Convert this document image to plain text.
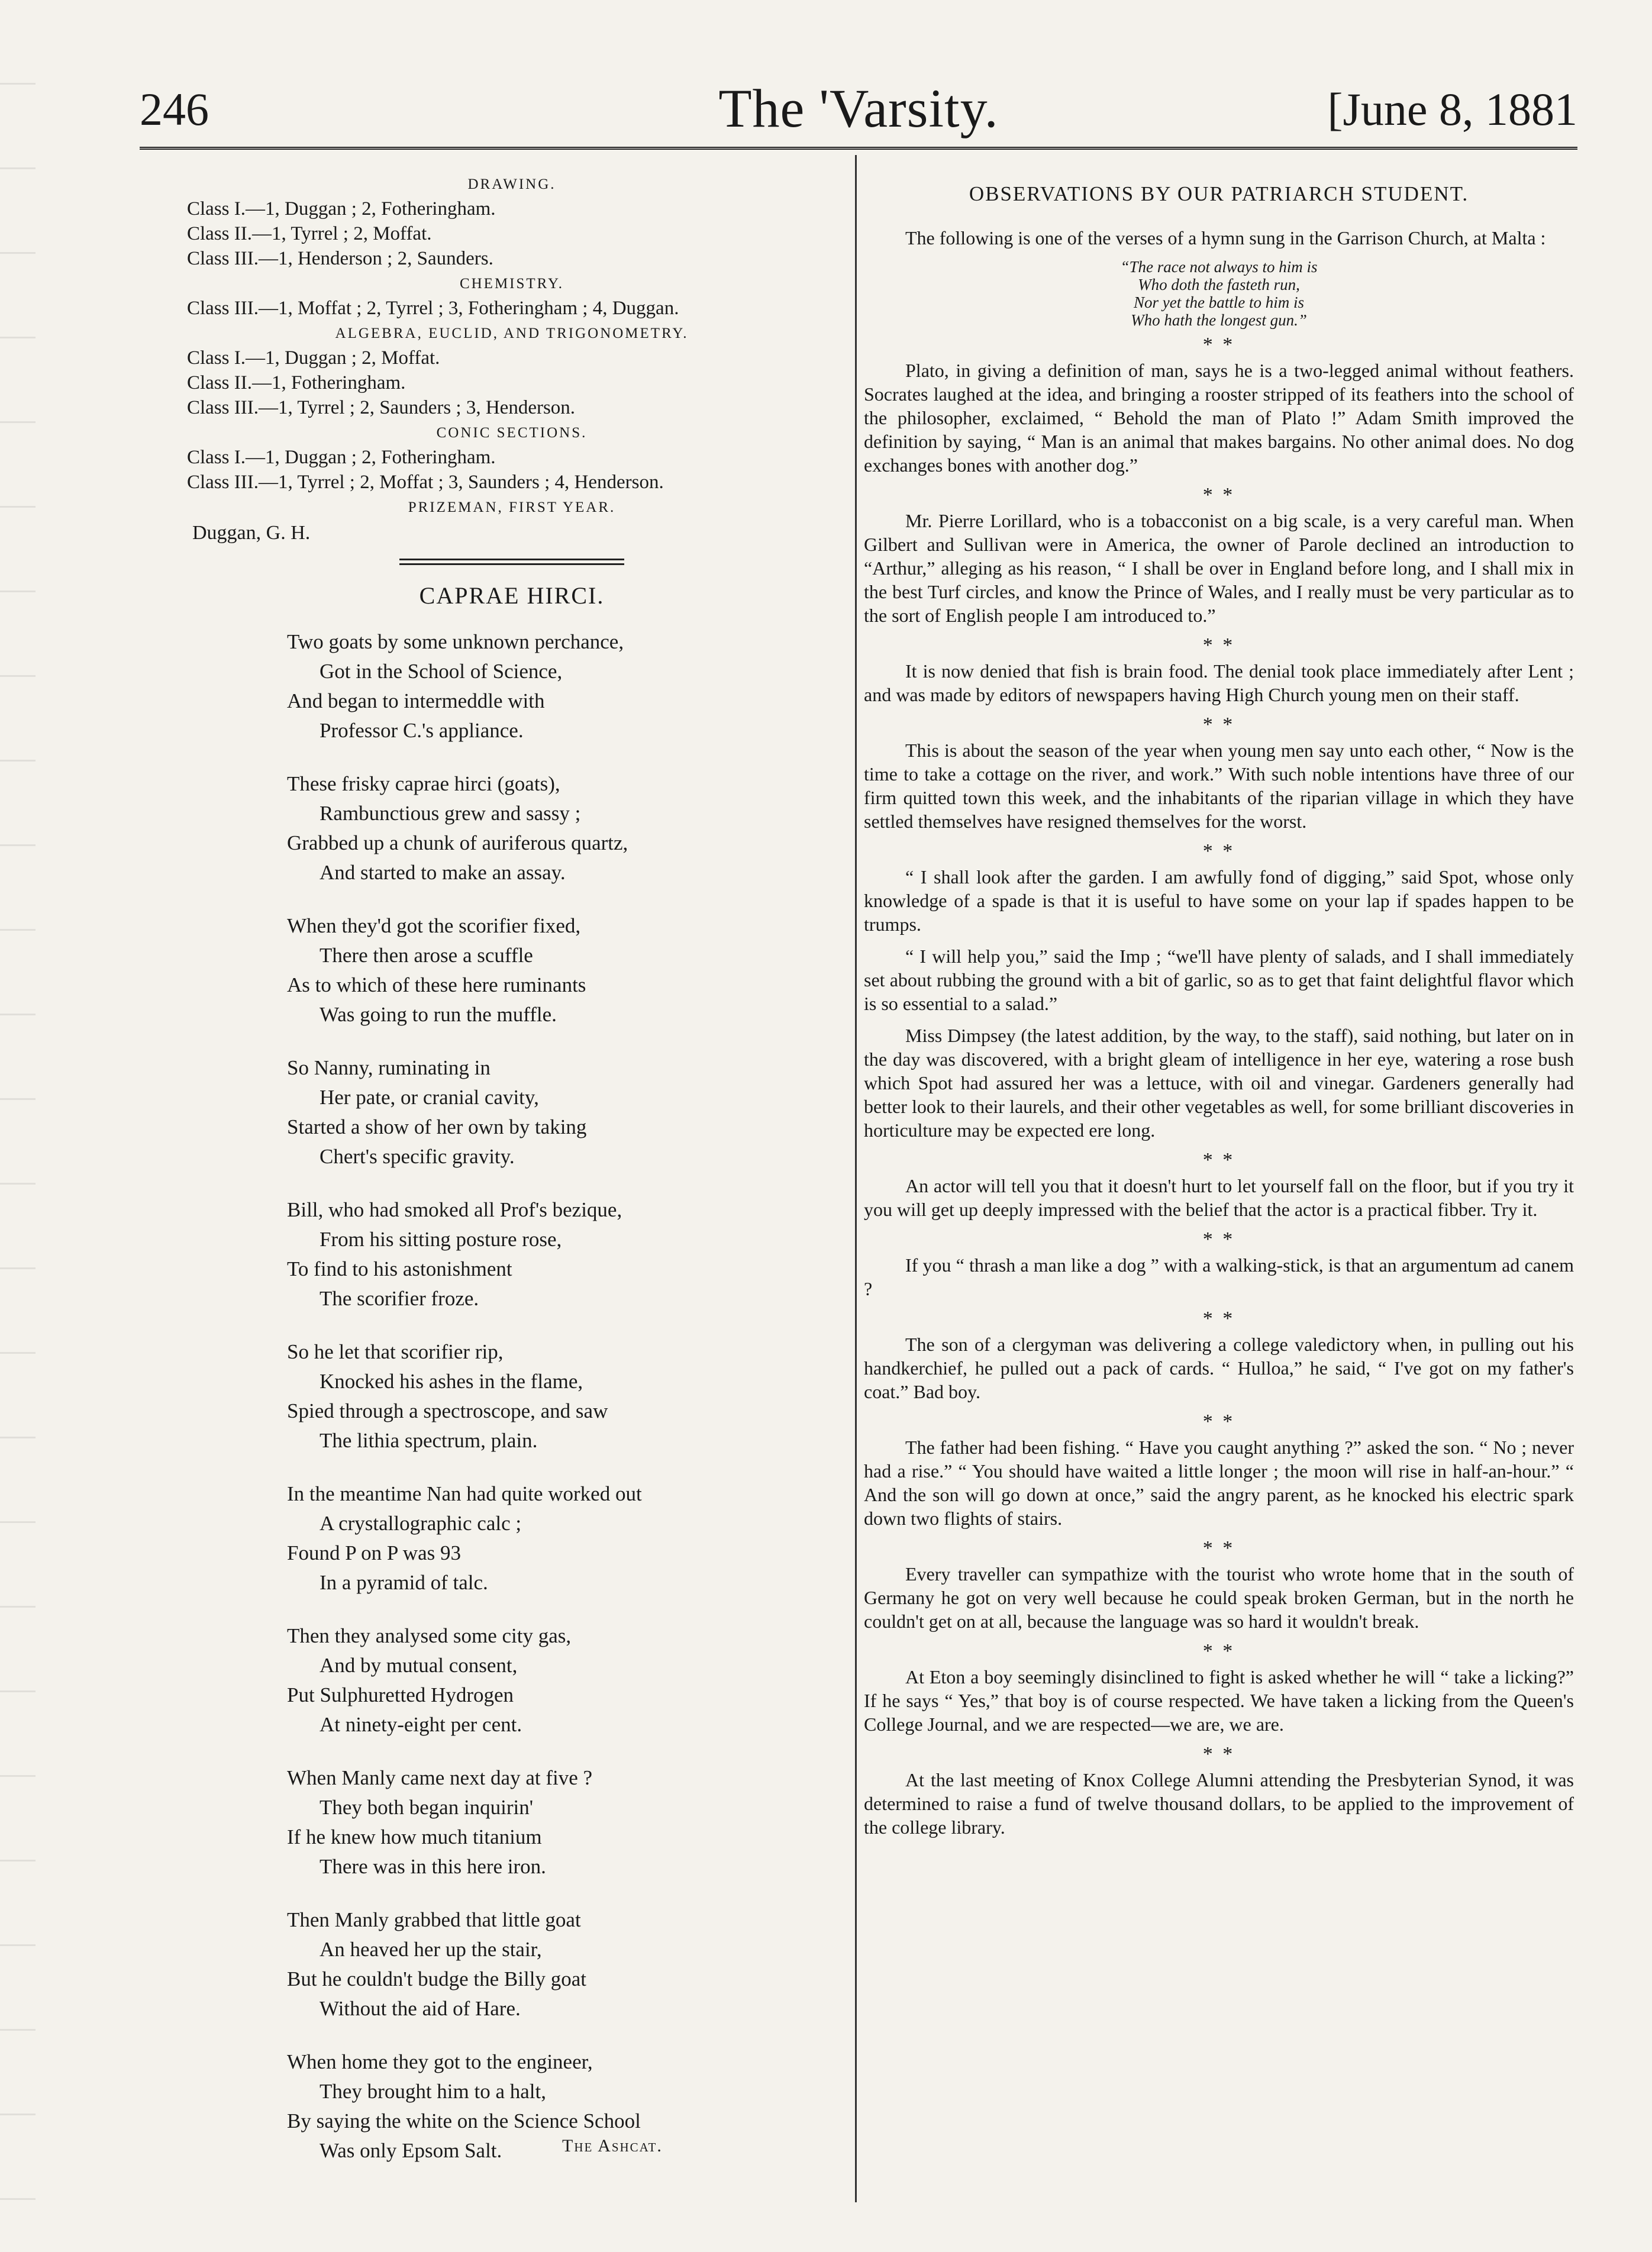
246	The 'Varsity.	[June 8, 1881
DRAWING.
Class I.—1, Duggan ; 2, Fotheringham.
Class II.—1, Tyrrel ; 2, Moffat.
Class III.—1, Henderson ; 2, Saunders.
CHEMISTRY.
Class III.—1, Moffat ; 2, Tyrrel ; 3, Fotheringham ; 4, Duggan.
ALGEBRA, EUCLID, AND TRIGONOMETRY.
Class I.—1, Duggan ; 2, Moffat.
Class II.—1, Fotheringham.
Class III.—1, Tyrrel ; 2, Saunders ; 3, Henderson.
CONIC SECTIONS.
Class I.—1, Duggan ; 2, Fotheringham.
Class III.—1, Tyrrel ; 2, Moffat ; 3, Saunders ; 4, Henderson.
PRIZEMAN, FIRST YEAR.
Duggan, G. H.
CAPRAE HIRCI.
Two goats by some unknown perchance,
Got in the School of Science,
And began to intermeddle with
Professor C.'s appliance.
These frisky caprae hirci (goats),
Rambunctious grew and sassy ;
Grabbed up a chunk of auriferous quartz,
And started to make an assay.
When they'd got the scorifier fixed,
There then arose a scuffle
As to which of these here ruminants
Was going to run the muffle.
So Nanny, ruminating in
Her pate, or cranial cavity,
Started a show of her own by taking
Chert's specific gravity.
Bill, who had smoked all Prof's bezique,
From his sitting posture rose,
To find to his astonishment
The scorifier froze.
So he let that scorifier rip,
Knocked his ashes in the flame,
Spied through a spectroscope, and saw
The lithia spectrum, plain.
In the meantime Nan had quite worked out
A crystallographic calc ;
Found P on P was 93
In a pyramid of talc.
Then they analysed some city gas,
And by mutual consent,
Put Sulphuretted Hydrogen
At ninety-eight per cent.
When Manly came next day at five ?
They both began inquirin'
If he knew how much titanium
There was in this here iron.
Then Manly grabbed that little goat
An heaved her up the stair,
But he couldn't budge the Billy goat
Without the aid of Hare.
When home they got to the engineer,
They brought him to a halt,
By saying the white on the Science School
Was only Epsom Salt.	The Ashcat.
OBSERVATIONS BY OUR PATRIARCH STUDENT.

The following is one of the verses of a hymn sung in the Garrison Church, at Malta :

“The race not always to him is
Who doth the fasteth run,
Nor yet the battle to him is
Who hath the longest gun.”
* *

Plato, in giving a definition of man, says he is a two-legged animal without feathers. Socrates laughed at the idea, and bringing a rooster stripped of its feathers into the school of the philosopher, exclaimed, “ Behold the man of Plato !” Adam Smith improved the definition by saying, “ Man is an animal that makes bargains. No other animal does. No dog exchanges bones with another dog.”

* *

Mr. Pierre Lorillard, who is a tobacconist on a big scale, is a very careful man. When Gilbert and Sullivan were in America, the owner of Parole declined an introduction to “Arthur,” alleging as his reason, “ I shall be over in England before long, and I shall mix in the best Turf circles, and know the Prince of Wales, and I really must be very particular as to the sort of English people I am introduced to.”

* *

It is now denied that fish is brain food. The denial took place immediately after Lent ; and was made by editors of newspapers having High Church young men on their staff.

* *

This is about the season of the year when young men say unto each other, “ Now is the time to take a cottage on the river, and work.” With such noble intentions have three of our firm quitted town this week, and the inhabitants of the riparian village in which they have settled themselves have resigned themselves for the worst.

* *

“ I shall look after the garden. I am awfully fond of digging,” said Spot, whose only knowledge of a spade is that it is useful to have some on your lap if spades happen to be trumps.

“ I will help you,” said the Imp ; “we'll have plenty of salads, and I shall immediately set about rubbing the ground with a bit of garlic, so as to get that faint delightful flavor which is so essential to a salad.”

Miss Dimpsey (the latest addition, by the way, to the staff), said nothing, but later on in the day was discovered, with a bright gleam of intelligence in her eye, watering a rose bush which Spot had assured her was a lettuce, with oil and vinegar. Gardeners generally had better look to their laurels, and their other vegetables as well, for some brilliant discoveries in horticulture may be expected ere long.

* *

An actor will tell you that it doesn't hurt to let yourself fall on the floor, but if you try it you will get up deeply impressed with the belief that the actor is a practical fibber. Try it.

* *

If you “ thrash a man like a dog ” with a walking-stick, is that an argumentum ad canem ?

* *

The son of a clergyman was delivering a college valedictory when, in pulling out his handkerchief, he pulled out a pack of cards. “ Hulloa,” he said, “ I've got on my father's coat.” Bad boy.

* *

The father had been fishing. “ Have you caught anything ?” asked the son. “ No ; never had a rise.” “ You should have waited a little longer ; the moon will rise in half-an-hour.” “ And the son will go down at once,” said the angry parent, as he knocked his electric spark down two flights of stairs.

* *

Every traveller can sympathize with the tourist who wrote home that in the south of Germany he got on very well because he could speak broken German, but in the north he couldn't get on at all, because the language was so hard it wouldn't break.

* *

At Eton a boy seemingly disinclined to fight is asked whether he will “ take a licking?” If he says “ Yes,” that boy is of course respected. We have taken a licking from the Queen's College Journal, and we are respected—we are, we are.

* *

At the last meeting of Knox College Alumni attending the Presbyterian Synod, it was determined to raise a fund of twelve thousand dollars, to be applied to the improvement of the college library.
